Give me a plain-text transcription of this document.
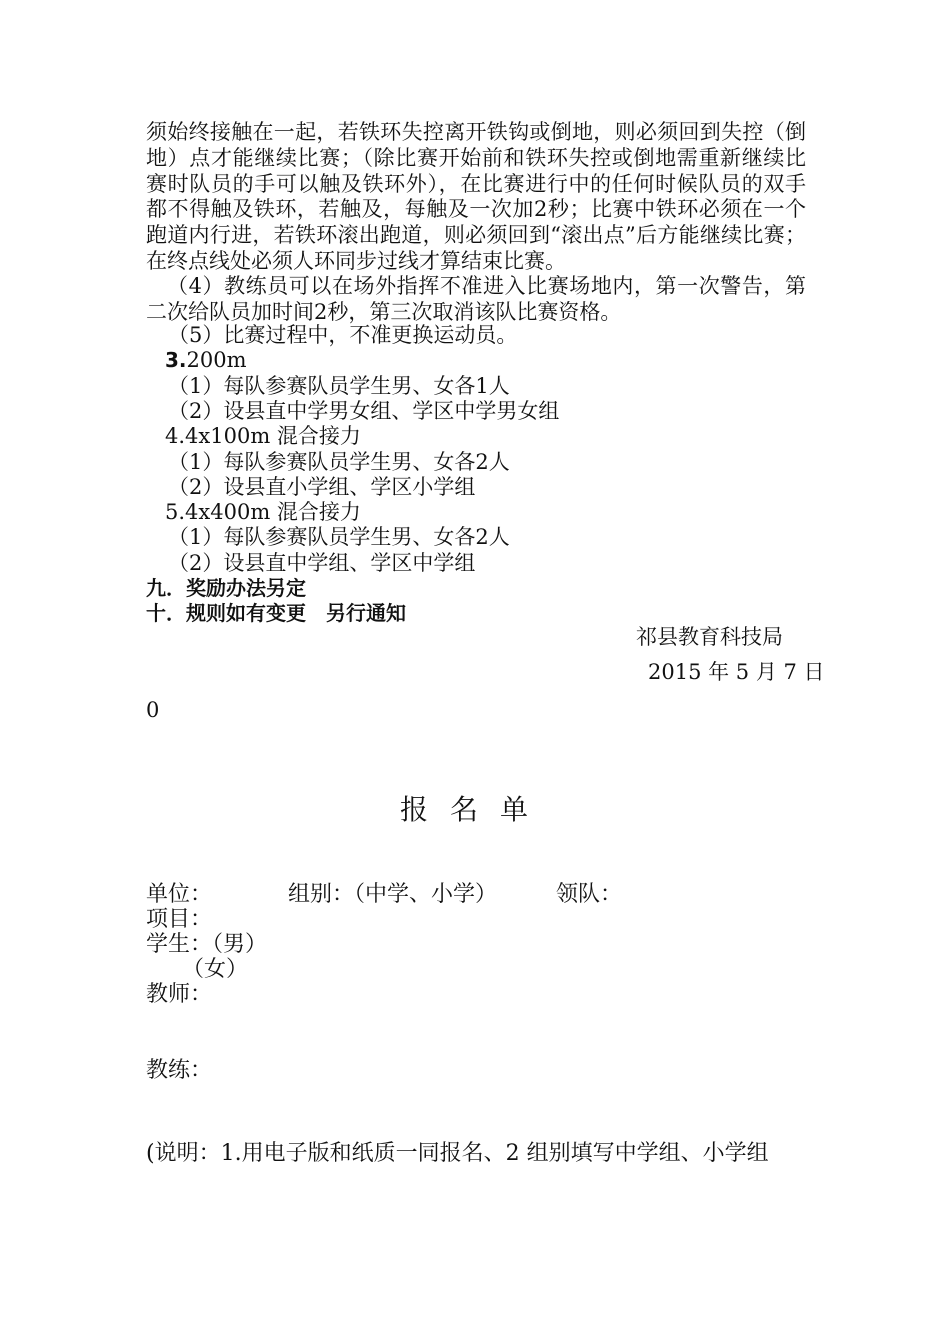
须始终接触在一起，若铁环失控离开铁钩或倒地，则必须回到失控（倒地）点才能继续比赛；（除比赛开始前和铁环失控或倒地需重新继续比赛时队员的手可以触及铁环外），在比赛进行中的任何时候队员的双手都不得触及铁环，若触及，每触及一次加2秒；比赛中铁环必须在一个跑道内行进，若铁环滚出跑道，则必须回到“滚出点”后方能继续比赛；在终点线处必须人环同步过线才算结束比赛。
（4）教练员可以在场外指挥不准进入比赛场地内，第一次警告，第二次给队员加时间2秒，第三次取消该队比赛资格。
（5）比赛过程中，不准更换运动员。
3.200m
（1）每队参赛队员学生男、女各1人
（2）设县直中学男女组、学区中学男女组
4.4x100m 混合接力
（1）每队参赛队员学生男、女各2人
（2）设县直小学组、学区小学组
5.4x400m 混合接力
（1）每队参赛队员学生男、女各2人
（2）设县直中学组、学区中学组
九．奖励办法另定
十．规则如有变更　另行通知
祁县教育科技局
2015 年 5 月 7 日
0
报名单
单位：	组别：（中学、小学）	领队：
项目：
学生：（男）
（女）
教师：
教练：
(说明：1.用电子版和纸质一同报名、2 组别填写中学组、小学组
